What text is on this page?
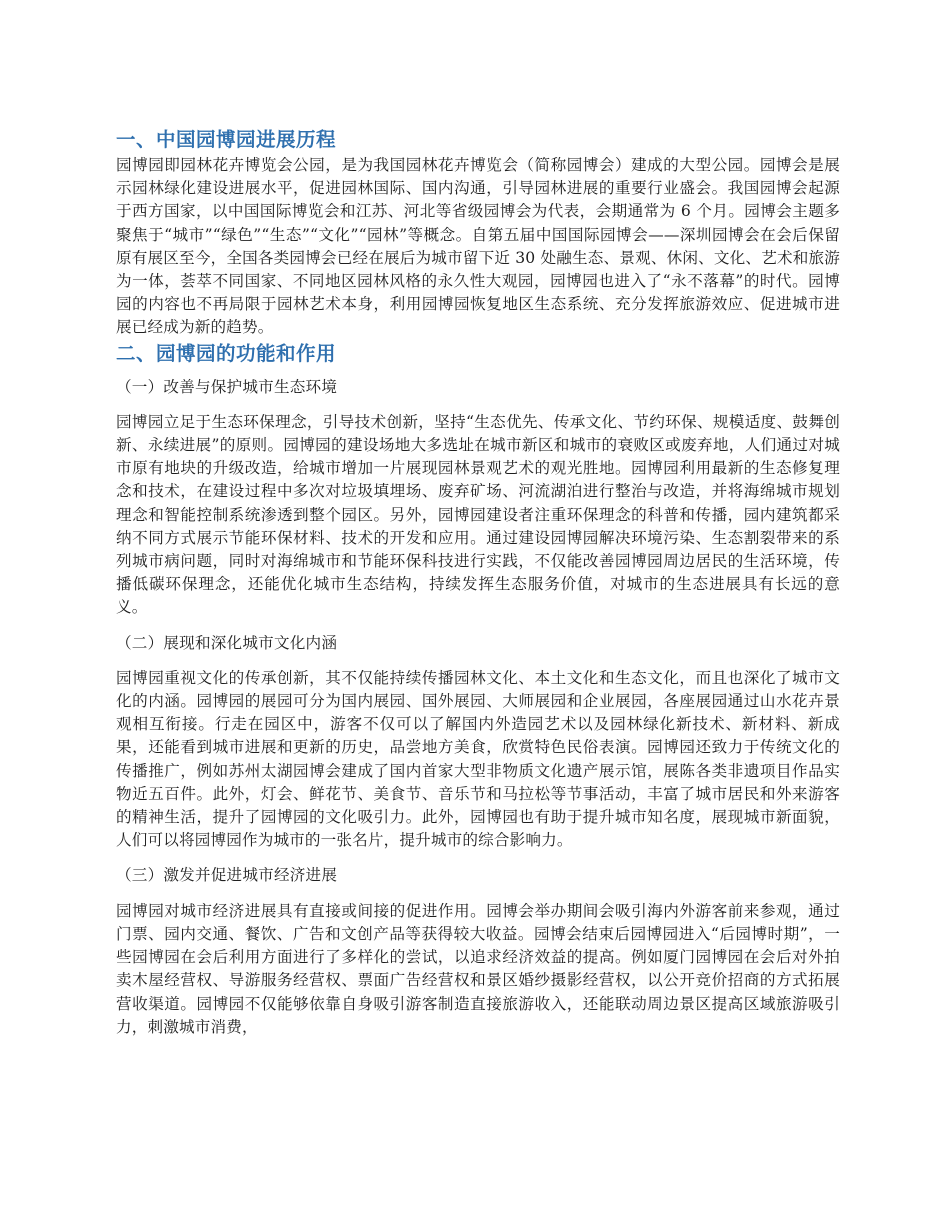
一、中国园博园进展历程

园博园即园林花卉博览会公园，是为我国园林花卉博览会（简称园博会）建成的大型公园。园博会是展示园林绿化建设进展水平，促进园林国际、国内沟通，引导园林进展的重要行业盛会。我国园博会起源于西方国家，以中国国际博览会和江苏、河北等省级园博会为代表，会期通常为 6 个月。园博会主题多聚焦于“城市”“绿色”“生态”“文化”“园林”等概念。自第五届中国国际园博会——深圳园博会在会后保留原有展区至今，全国各类园博会已经在展后为城市留下近 30 处融生态、景观、休闲、文化、艺术和旅游为一体，荟萃不同国家、不同地区园林风格的永久性大观园，园博园也进入了“永不落幕”的时代。园博园的内容也不再局限于园林艺术本身，利用园博园恢复地区生态系统、充分发挥旅游效应、促进城市进展已经成为新的趋势。

二、园博园的功能和作用

（一）改善与保护城市生态环境

园博园立足于生态环保理念，引导技术创新，坚持“生态优先、传承文化、节约环保、规模适度、鼓舞创新、永续进展”的原则。园博园的建设场地大多选址在城市新区和城市的衰败区或废弃地，人们通过对城市原有地块的升级改造，给城市增加一片展现园林景观艺术的观光胜地。园博园利用最新的生态修复理念和技术，在建设过程中多次对垃圾填埋场、废弃矿场、河流湖泊进行整治与改造，并将海绵城市规划理念和智能控制系统渗透到整个园区。另外，园博园建设者注重环保理念的科普和传播，园内建筑都采纳不同方式展示节能环保材料、技术的开发和应用。通过建设园博园解决环境污染、生态割裂带来的系列城市病问题，同时对海绵城市和节能环保科技进行实践，不仅能改善园博园周边居民的生活环境，传播低碳环保理念，还能优化城市生态结构，持续发挥生态服务价值，对城市的生态进展具有长远的意义。

（二）展现和深化城市文化内涵

园博园重视文化的传承创新，其不仅能持续传播园林文化、本土文化和生态文化，而且也深化了城市文化的内涵。园博园的展园可分为国内展园、国外展园、大师展园和企业展园，各座展园通过山水花卉景观相互衔接。行走在园区中，游客不仅可以了解国内外造园艺术以及园林绿化新技术、新材料、新成果，还能看到城市进展和更新的历史，品尝地方美食，欣赏特色民俗表演。园博园还致力于传统文化的传播推广，例如苏州太湖园博会建成了国内首家大型非物质文化遗产展示馆，展陈各类非遗项目作品实物近五百件。此外，灯会、鲜花节、美食节、音乐节和马拉松等节事活动，丰富了城市居民和外来游客的精神生活，提升了园博园的文化吸引力。此外，园博园也有助于提升城市知名度，展现城市新面貌，人们可以将园博园作为城市的一张名片，提升城市的综合影响力。

（三）激发并促进城市经济进展

园博园对城市经济进展具有直接或间接的促进作用。园博会举办期间会吸引海内外游客前来参观，通过门票、园内交通、餐饮、广告和文创产品等获得较大收益。园博会结束后园博园进入“后园博时期”，一些园博园在会后利用方面进行了多样化的尝试，以追求经济效益的提高。例如厦门园博园在会后对外拍卖木屋经营权、导游服务经营权、票面广告经营权和景区婚纱摄影经营权，以公开竞价招商的方式拓展营收渠道。园博园不仅能够依靠自身吸引游客制造直接旅游收入，还能联动周边景区提高区域旅游吸引力，刺激城市消费，
